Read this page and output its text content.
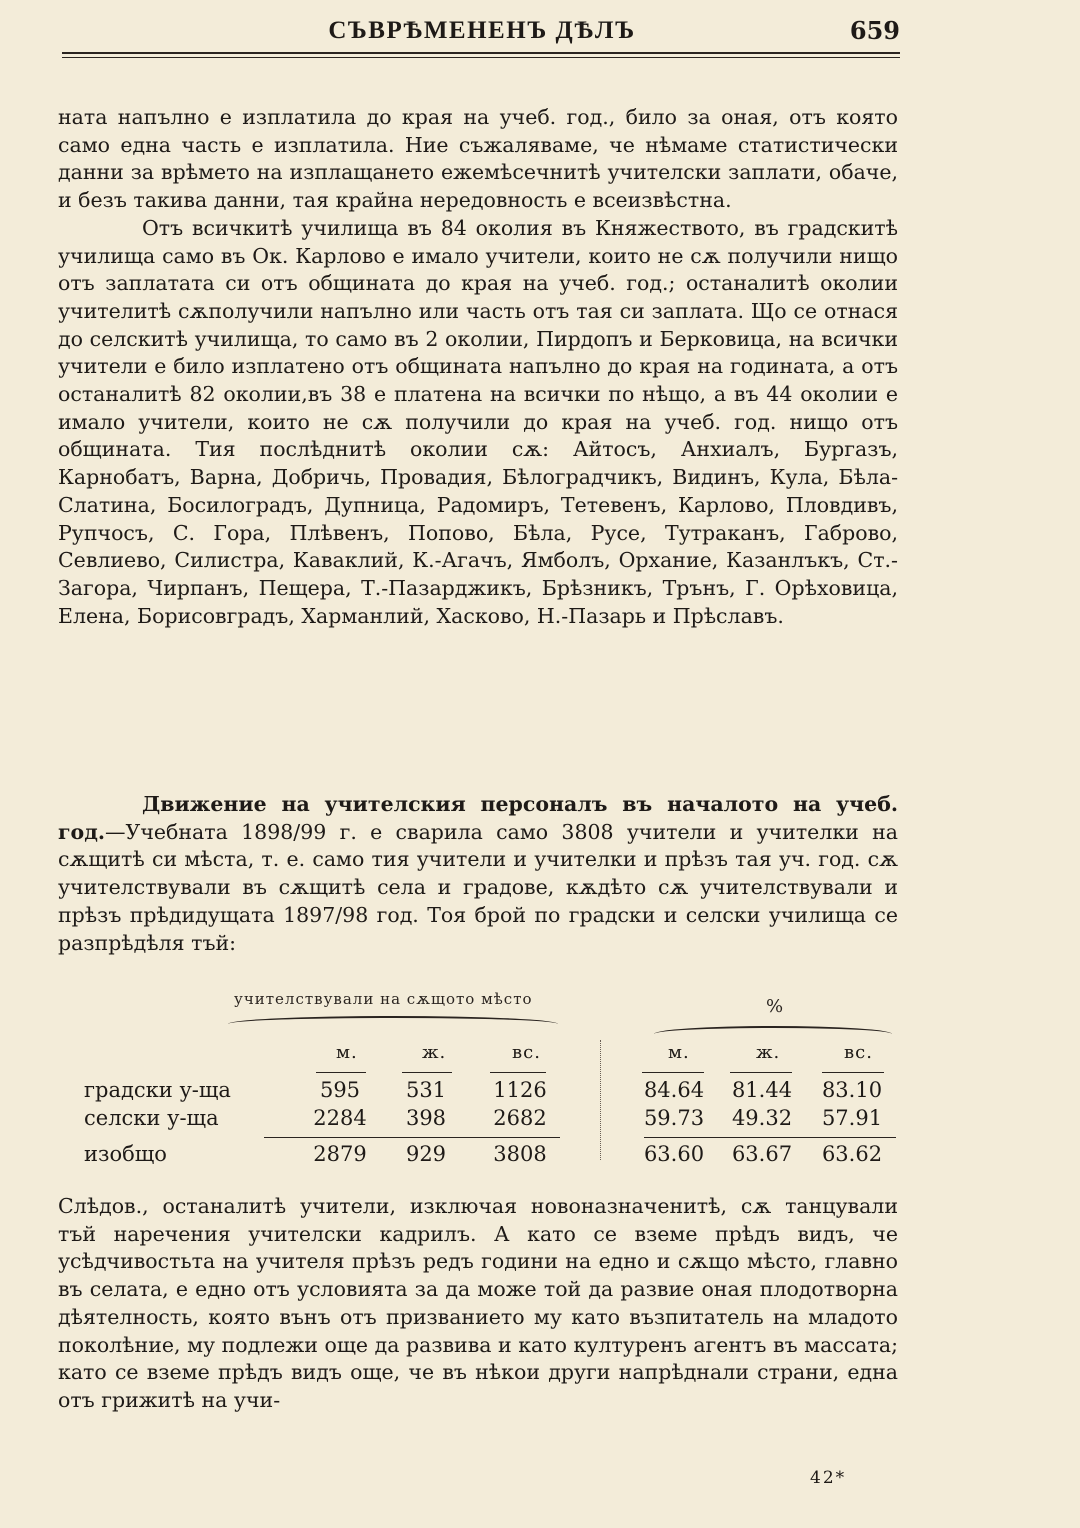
СЪВРѢМЕНЕНЪ ДѢЛЪ	659

ната напълно е изплатила до края на учеб. год., било за оная, отъ която само една часть е изплатила. Ние съжаляваме, че нѣмаме статистически данни за врѣмето на изплащането ежемѣсечнитѣ учителски заплати, обаче, и безъ такива данни, тая крайна нередовность е всеизвѣстна.

Отъ всичкитѣ училища въ 84 околия въ Княжеството, въ градскитѣ училища само въ Ок. Карлово е имало учители, които не сѫ получили нищо отъ заплатата си отъ общината до края на учеб. год.; останалитѣ околии учителитѣ сѫполучили напълно или часть отъ тая си заплата. Що се отнася до селскитѣ училища, то само въ 2 околии, Пирдопъ и Берковица, на всички учители е било изплатено отъ общината напълно до края на годината, а отъ останалитѣ 82 околии,въ 38 е платена на всички по нѣщо, а въ 44 околии е имало учители, които не сѫ получили до края на учеб. год. нищо отъ общината. Тия послѣднитѣ околии сѫ: Айтосъ, Анхиалъ, Бургазъ, Карнобатъ, Варна, Добричь, Провадия, Бѣлоградчикъ, Видинъ, Кула, Бѣла-Слатина, Босилоградъ, Дупница, Радомиръ, Тетевенъ, Карлово, Пловдивъ, Рупчосъ, С. Гора, Плѣвенъ, Попово, Бѣла, Русе, Тутраканъ, Габрово, Севлиево, Силистра, Каваклий, К.-Агачъ, Ямболъ, Орхание, Казанлъкъ, Ст.-Загора, Чирпанъ, Пещера, Т.-Пазарджикъ, Брѣзникъ, Трънъ, Г. Орѣховица, Елена, Борисовградъ, Харманлий, Хасково, Н.-Пазарь и Прѣславъ.

Движение на учителския персоналъ въ началото на учеб. год.—Учебната 1898/99 г. е сварила само 3808 учители и учителки на сѫщитѣ си мѣста, т. е. само тия учители и учителки и прѣзъ тая уч. год. сѫ учителствували въ сѫщитѣ села и градове, кѫдѣто сѫ учителствували и прѣзъ прѣдидущата 1897/98 год. Тоя брой по градски и селски училища се разпрѣдѣля тъй:

учителствували на сѫщото мѣсто	%
м.	ж.	вс.	м.	ж.	вс.
градски у-ща	595	531	1126	84.64	81.44	83.10
селски у-ща	2284	398	2682	59.73	49.32	57.91
изобщо	2879	929	3808	63.60	63.67	63.62

Слѣдов., останалитѣ учители, изключая новоназначенитѣ, сѫ танцували тъй наречения учителски кадрилъ. А като се вземе прѣдъ видъ, че усѣдчивостьта на учителя прѣзъ редъ години на едно и сѫщо мѣсто, главно въ селата, е едно отъ условията за да може той да развие оная плодотворна дѣятелность, която вънъ отъ призванието му като възпитатель на младото поколѣние, му подлежи още да развива и като културенъ агентъ въ массата; като се вземе прѣдъ видъ още, че въ нѣкои други напрѣднали страни, една отъ грижитѣ на учи-

42*
